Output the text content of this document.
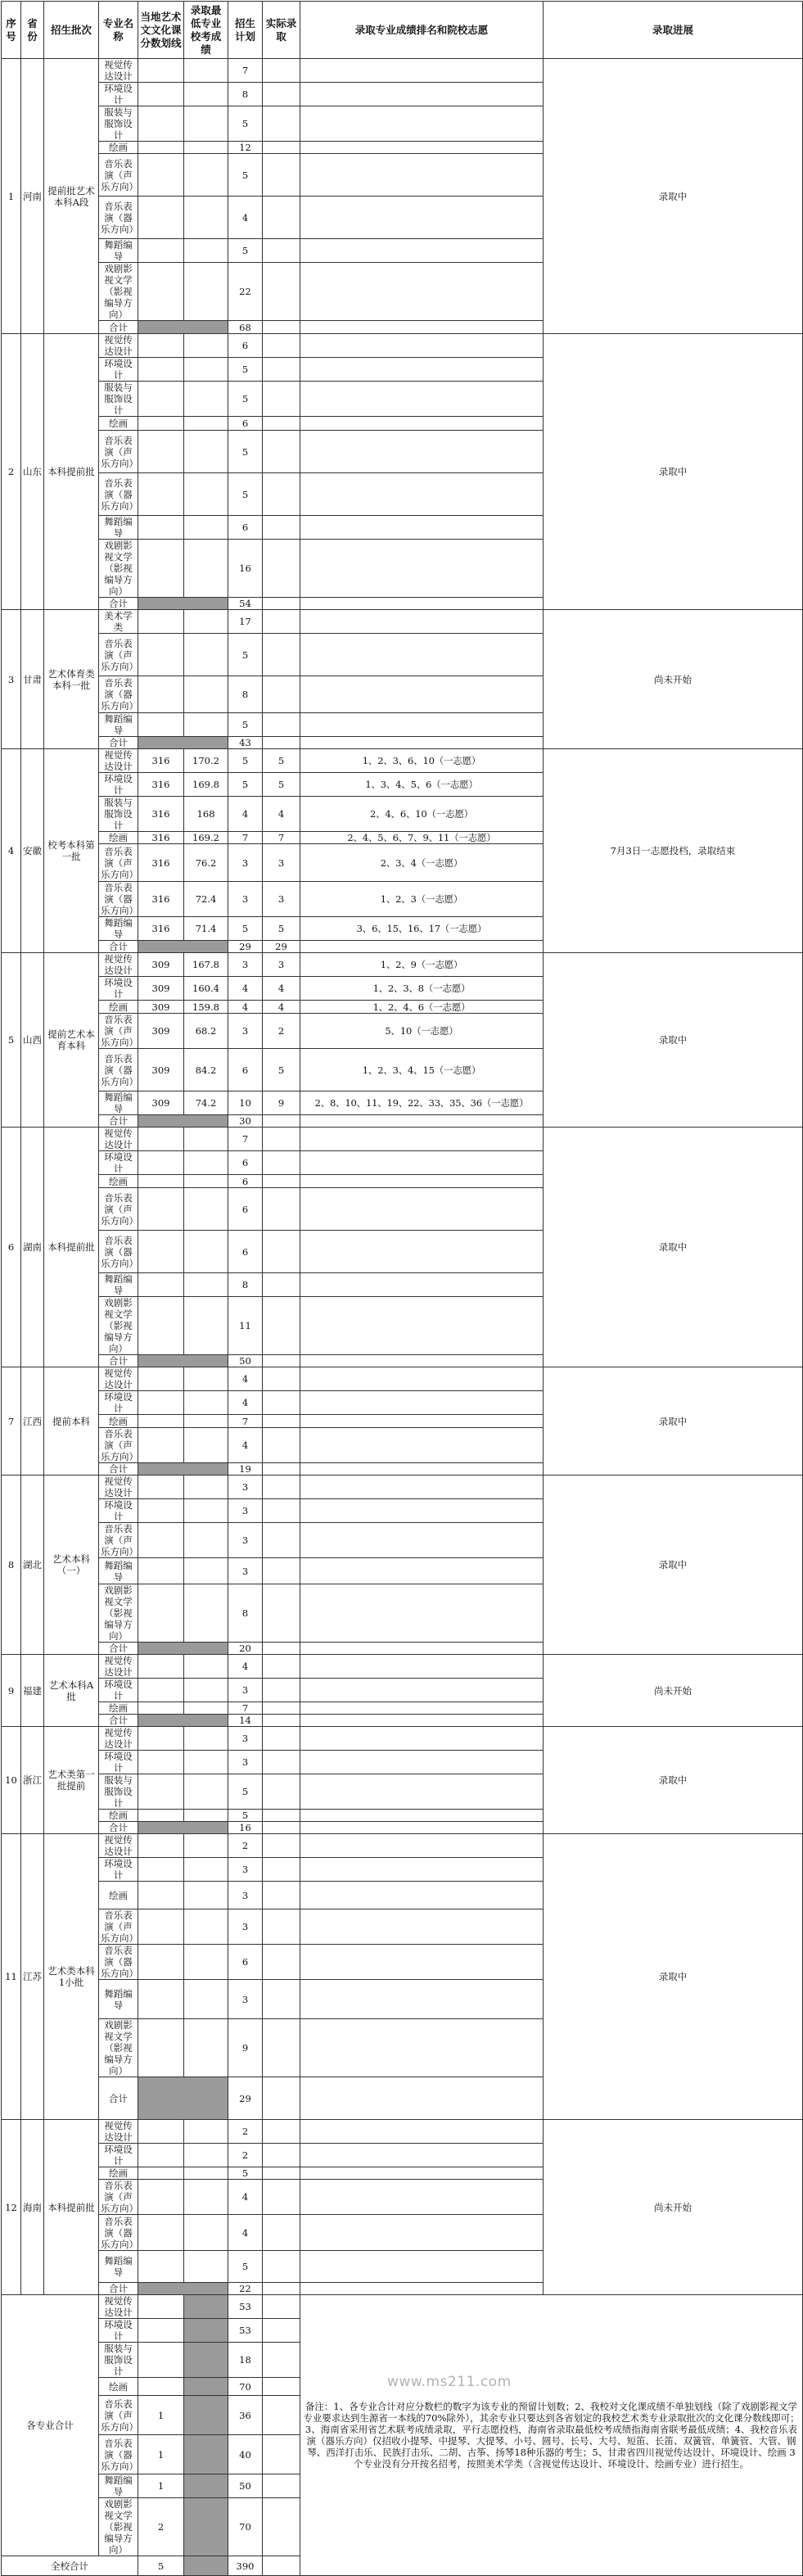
序号	省份	招生批次	专业名称	当地艺术文文化课分数划线	录取最低专业校考成绩	招生计划	实际录取	录取专业成绩排名和院校志愿	录取进展
1	河南	提前批艺术本科A段	视觉传达设计			7			录取中
			环境设计			8			
			服装与服饰设计			5			
			绘画			12			
			音乐表演（声乐方向）			5			
			音乐表演（器乐方向）			4			
			舞蹈编导			5			
			戏剧影视文学（影视编导方向）			22			
			合计			68			
2	山东	本科提前批	视觉传达设计			6			录取中
			环境设计			5			
			服装与服饰设计			5			
			绘画			6			
			音乐表演（声乐方向）			5			
			音乐表演（器乐方向）			5			
			舞蹈编导			6			
			戏剧影视文学（影视编导方向）			16			
			合计			54			
3	甘肃	艺术体育类本科一批	美术学类			17			尚未开始
			音乐表演（声乐方向）			5			
			音乐表演（器乐方向）			8			
			舞蹈编导			5			
			合计			43			
4	安徽	校考本科第一批	视觉传达设计	316	170.2	5	5	1、2、3、6、10（一志愿）	7月3日一志愿投档，录取结束
			环境设计	316	169.8	5	5	1、3、4、5、6（一志愿）	
			服装与服饰设计	316	168	4	4	2、4、6、10（一志愿）	
			绘画	316	169.2	7	7	2、4、5、6、7、9、11（一志愿）	
			音乐表演（声乐方向）	316	76.2	3	3	2、3、4（一志愿）	
			音乐表演（器乐方向）	316	72.4	3	3	1、2、3（一志愿）	
			舞蹈编导	316	71.4	5	5	3、6、15、16、17（一志愿）	
			合计			29	29		
5	山西	提前艺术本育本科	视觉传达设计	309	167.8	3	3	1、2、9（一志愿）	录取中
			环境设计	309	160.4	4	4	1、2、3、8（一志愿）	
			绘画	309	159.8	4	4	1、2、4、6（一志愿）	
			音乐表演（声乐方向）	309	68.2	3	2	5、10（一志愿）	
			音乐表演（器乐方向）	309	84.2	6	5	1、2、3、4、15（一志愿）	
			舞蹈编导	309	74.2	10	9	2、8、10、11、19、22、33、35、36（一志愿）	
			合计			30			
6	湖南	本科提前批	视觉传达设计			7			录取中
			环境设计			6			
			绘画			6			
			音乐表演（声乐方向）			6			
			音乐表演（器乐方向）			6			
			舞蹈编导			8			
			戏剧影视文学（影视编导方向）			11			
			合计			50			
7	江西	提前本科	视觉传达设计			4			录取中
			环境设计			4			
			绘画			7			
			音乐表演（声乐方向）			4			
			合计			19			
8	湖北	艺术本科（一）	视觉传达设计			3			录取中
			环境设计			3			
			音乐表演（声乐方向）			3			
			舞蹈编导			3			
			戏剧影视文学（影视编导方向）			8			
			合计			20			
9	福建	艺术本科A批	视觉传达设计			4			尚未开始
			环境设计			3			
			绘画			7			
			合计			14			
10	浙江	艺术类第一批提前	视觉传达设计			3			录取中
			环境设计			3			
			服装与服饰设计			5			
			绘画			5			
			合计			16			
11	江苏	艺术类本科1小批	视觉传达设计			2			录取中
			环境设计			3			
			绘画			3			
			音乐表演（声乐方向）			3			
			音乐表演（器乐方向）			6			
			舞蹈编导			3			
			戏剧影视文学（影视编导方向）			9			
			合计			29			
12	海南	本科提前批	视觉传达设计			2			尚未开始
			环境设计			2			
			绘画			5			
			音乐表演（声乐方向）			4			
			音乐表演（器乐方向）			4			
			舞蹈编导			5			
			合计			22			
各专业合计			视觉传达设计			53		备注：1、各专业合计对应分数栏的数字为该专业的预留计划数；2、我校对文化课成绩不单独划线（除了戏剧影视文学专业要求达到生源省一本线的70%除外），其余专业只要达到各省划定的我校艺术类专业录取批次的文化课分数线即可；3、海南省采用省艺术联考成绩录取，平行志愿投档，海南省录取最低校考成绩指海南省联考最低成绩；4、我校音乐表演（器乐方向）仅招收小提琴、中提琴、大提琴、小号、圆号、长号、大号、短笛、长笛、双簧管、单簧管、大管、钢琴、西洋打击乐、民族打击乐、二胡、古筝、扬琴18种乐器的考生；5、甘肃省四川视觉传达设计、环境设计、绘画 3 个专业没有分开按名招考，按照美术学类（含视觉传达设计、环境设计、绘画专业）进行招生。	
			环境设计			53			
			服装与服饰设计			18			
			绘画			70			
			音乐表演（声乐方向）	1		36			
			音乐表演（器乐方向）	1		40			
			舞蹈编导	1		50			
			戏剧影视文学（影视编导方向）	2		70			
全校合计				5		390			
www.ms211.com
